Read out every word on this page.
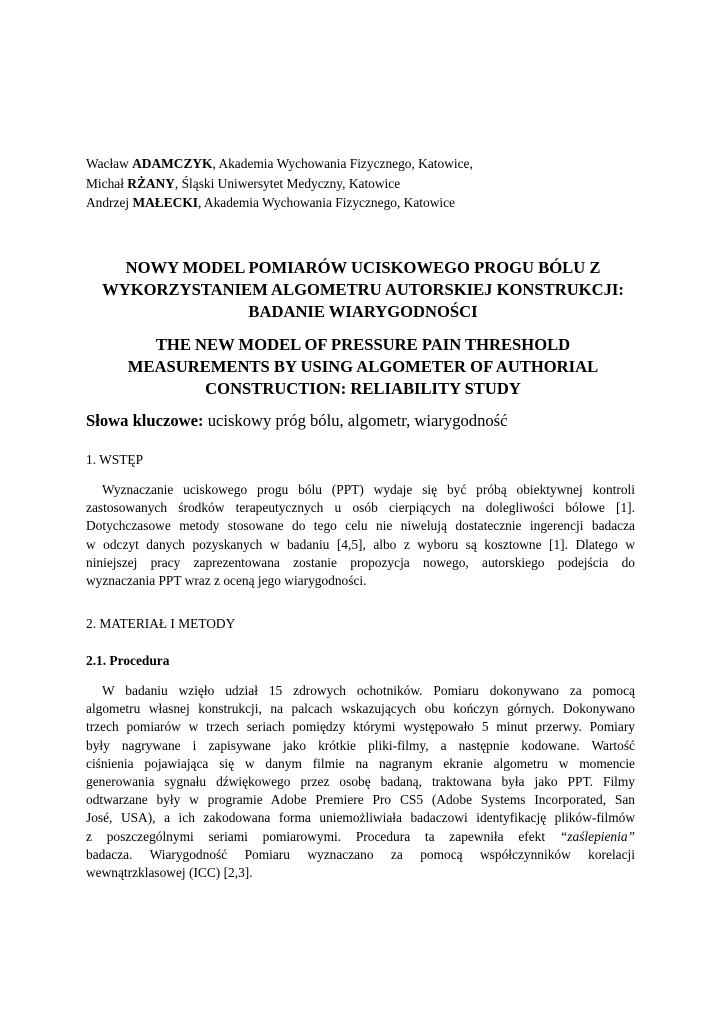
Wacław ADAMCZYK, Akademia Wychowania Fizycznego, Katowice,
Michał RŻANY, Śląski Uniwersytet Medyczny, Katowice
Andrzej MAŁECKI, Akademia Wychowania Fizycznego, Katowice
NOWY MODEL POMIARÓW UCISKOWEGO PROGU BÓLU Z
WYKORZYSTANIEM ALGOMETRU AUTORSKIEJ KONSTRUKCJI:
BADANIE WIARYGODNOŚCI
THE NEW MODEL OF PRESSURE PAIN THRESHOLD
MEASUREMENTS BY USING ALGOMETER OF AUTHORIAL
CONSTRUCTION: RELIABILITY STUDY
Słowa kluczowe: uciskowy próg bólu, algometr, wiarygodność
1. WSTĘP
Wyznaczanie uciskowego progu bólu (PPT) wydaje się być próbą obiektywnej kontroli
zastosowanych środków terapeutycznych u osób cierpiących na dolegliwości bólowe [1].
Dotychczasowe metody stosowane do tego celu nie niwelują dostatecznie ingerencji badacza
w odczyt danych pozyskanych w badaniu [4,5], albo z wyboru są kosztowne [1]. Dlatego w
niniejszej pracy zaprezentowana zostanie propozycja nowego, autorskiego podejścia do
wyznaczania PPT wraz z oceną jego wiarygodności.
2. MATERIAŁ I METODY
2.1. Procedura
W badaniu wzięło udział 15 zdrowych ochotników. Pomiaru dokonywano za pomocą
algometru własnej konstrukcji, na palcach wskazujących obu kończyn górnych. Dokonywano
trzech pomiarów w trzech seriach pomiędzy którymi występowało 5 minut przerwy. Pomiary
były nagrywane i zapisywane jako krótkie pliki-filmy, a następnie kodowane. Wartość
ciśnienia pojawiająca się w danym filmie na nagranym ekranie algometru w momencie
generowania sygnału dźwiękowego przez osobę badaną, traktowana była jako PPT. Filmy
odtwarzane były w programie Adobe Premiere Pro CS5 (Adobe Systems Incorporated, San
José, USA), a ich zakodowana forma uniemożliwiała badaczowi identyfikację plików-filmów
z poszczególnymi seriami pomiarowymi. Procedura ta zapewniła efekt “zaślepienia”
badacza. Wiarygodność Pomiaru wyznaczano za pomocą współczynników korelacji
wewnątrzklasowej (ICC) [2,3].
